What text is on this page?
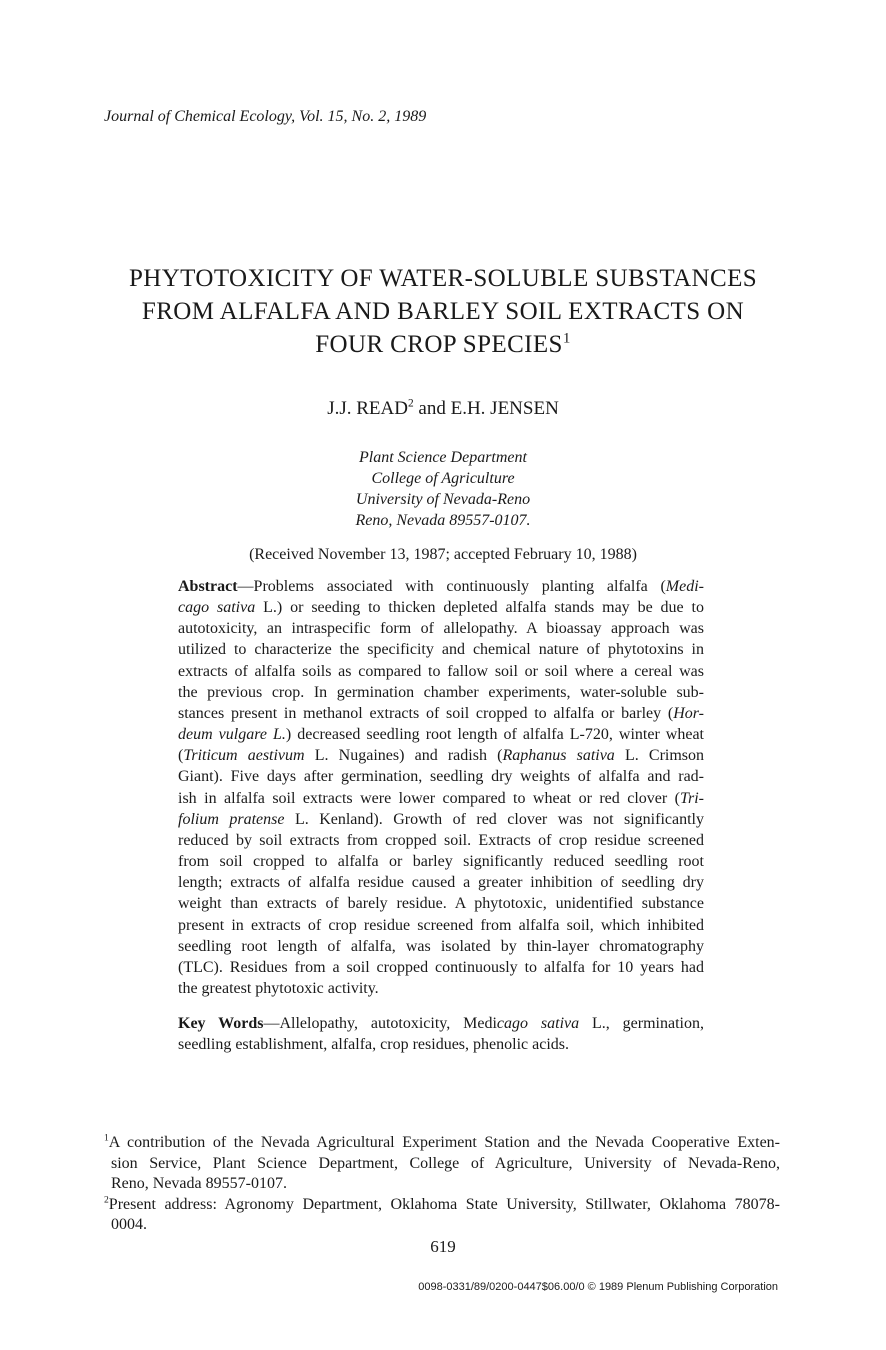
Journal of Chemical Ecology, Vol. 15, No. 2, 1989
PHYTOTOXICITY OF WATER-SOLUBLE SUBSTANCES
FROM ALFALFA AND BARLEY SOIL EXTRACTS ON
FOUR CROP SPECIES$^1$
J.J. READ$^2$ and E.H. JENSEN
Plant Science Department
College of Agriculture
University of Nevada-Reno
Reno, Nevada 89557-0107.
(Received November 13, 1987; accepted February 10, 1988)
Abstract—Problems associated with continuously planting alfalfa (Medi-
cago sativa L.) or seeding to thicken depleted alfalfa stands may be due to
autotoxicity, an intraspecific form of allelopathy. A bioassay approach was
utilized to characterize the specificity and chemical nature of phytotoxins in
extracts of alfalfa soils as compared to fallow soil or soil where a cereal was
the previous crop. In germination chamber experiments, water-soluble sub-
stances present in methanol extracts of soil cropped to alfalfa or barley (Hor-
deum vulgare L.) decreased seedling root length of alfalfa L-720, winter wheat
(Triticum aestivum L. Nugaines) and radish (Raphanus sativa L. Crimson
Giant). Five days after germination, seedling dry weights of alfalfa and rad-
ish in alfalfa soil extracts were lower compared to wheat or red clover (Tri-
folium pratense L. Kenland). Growth of red clover was not significantly
reduced by soil extracts from cropped soil. Extracts of crop residue screened
from soil cropped to alfalfa or barley significantly reduced seedling root
length; extracts of alfalfa residue caused a greater inhibition of seedling dry
weight than extracts of barely residue. A phytotoxic, unidentified substance
present in extracts of crop residue screened from alfalfa soil, which inhibited
seedling root length of alfalfa, was isolated by thin-layer chromatography
(TLC). Residues from a soil cropped continuously to alfalfa for 10 years had
the greatest phytotoxic activity.
Key Words—Allelopathy, autotoxicity, Medicago sativa L., germination,
seedling establishment, alfalfa, crop residues, phenolic acids.
$^1$A contribution of the Nevada Agricultural Experiment Station and the Nevada Cooperative Exten-
sion Service, Plant Science Department, College of Agriculture, University of Nevada-Reno,
Reno, Nevada 89557-0107.
$^2$Present address: Agronomy Department, Oklahoma State University, Stillwater, Oklahoma 78078-
0004.
619
0098-0331/89/0200-0447$06.00/0 © 1989 Plenum Publishing Corporation
